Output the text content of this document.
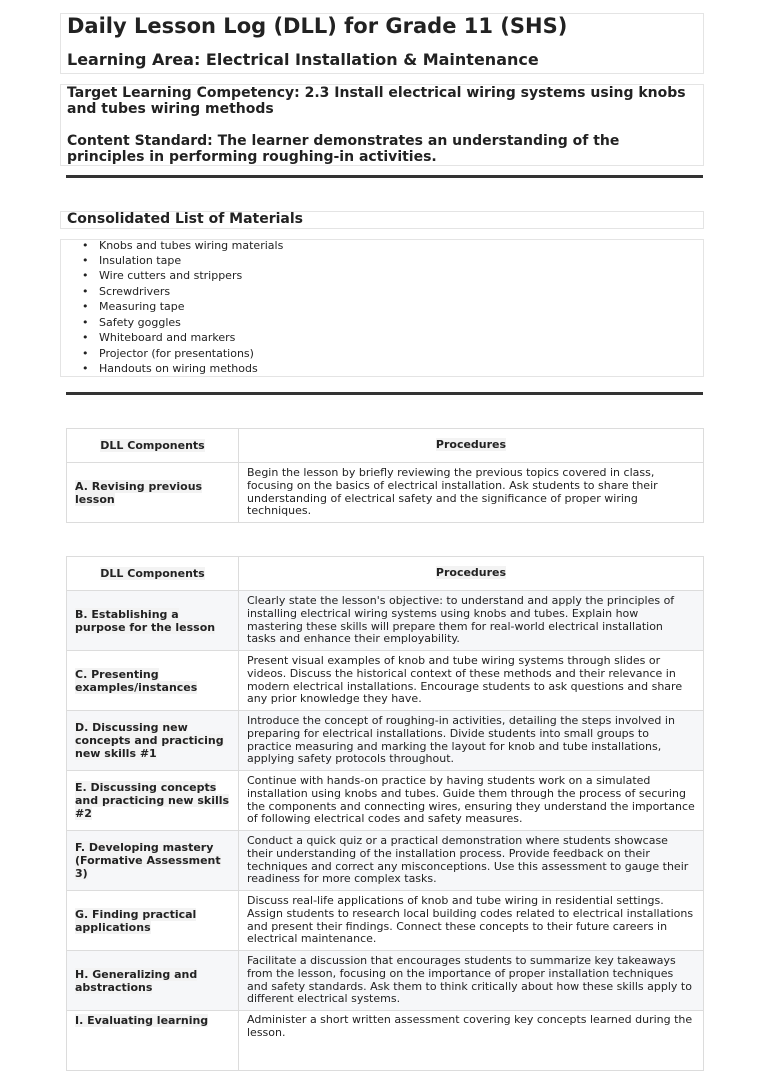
Daily Lesson Log (DLL) for Grade 11 (SHS)
Learning Area: Electrical Installation & Maintenance
Target Learning Competency: 2.3 Install electrical wiring systems using knobs and tubes wiring methods
Content Standard: The learner demonstrates an understanding of the principles in performing roughing-in activities.
Consolidated List of Materials
• Knobs and tubes wiring materials
• Insulation tape
• Wire cutters and strippers
• Screwdrivers
• Measuring tape
• Safety goggles
• Whiteboard and markers
• Projector (for presentations)
• Handouts on wiring methods
DLL Components	Procedures
A. Revising previous lesson	Begin the lesson by briefly reviewing the previous topics covered in class, focusing on the basics of electrical installation. Ask students to share their understanding of electrical safety and the significance of proper wiring techniques.
DLL Components	Procedures
B. Establishing a purpose for the lesson	Clearly state the lesson's objective: to understand and apply the principles of installing electrical wiring systems using knobs and tubes. Explain how mastering these skills will prepare them for real-world electrical installation tasks and enhance their employability.
C. Presenting examples/instances	Present visual examples of knob and tube wiring systems through slides or videos. Discuss the historical context of these methods and their relevance in modern electrical installations. Encourage students to ask questions and share any prior knowledge they have.
D. Discussing new concepts and practicing new skills #1	Introduce the concept of roughing-in activities, detailing the steps involved in preparing for electrical installations. Divide students into small groups to practice measuring and marking the layout for knob and tube installations, applying safety protocols throughout.
E. Discussing concepts and practicing new skills #2	Continue with hands-on practice by having students work on a simulated installation using knobs and tubes. Guide them through the process of securing the components and connecting wires, ensuring they understand the importance of following electrical codes and safety measures.
F. Developing mastery (Formative Assessment 3)	Conduct a quick quiz or a practical demonstration where students showcase their understanding of the installation process. Provide feedback on their techniques and correct any misconceptions. Use this assessment to gauge their readiness for more complex tasks.
G. Finding practical applications	Discuss real-life applications of knob and tube wiring in residential settings. Assign students to research local building codes related to electrical installations and present their findings. Connect these concepts to their future careers in electrical maintenance.
H. Generalizing and abstractions	Facilitate a discussion that encourages students to summarize key takeaways from the lesson, focusing on the importance of proper installation techniques and safety standards. Ask them to think critically about how these skills apply to different electrical systems.
I. Evaluating learning	Administer a short written assessment covering key concepts learned during the lesson.
